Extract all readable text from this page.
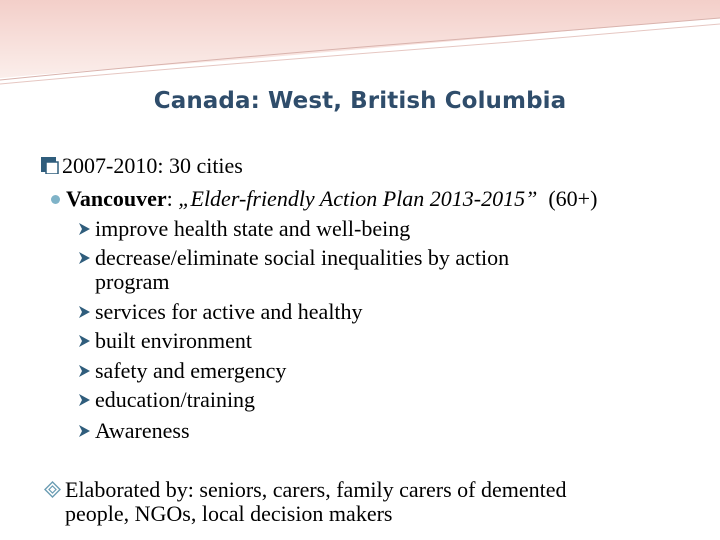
Canada: West, British Columbia
2007-2010: 30 cities
Vancouver: „Elder-friendly Action Plan 2013-2015” (60+)
improve health state and well-being
decrease/eliminate social inequalities by action
program
services for active and healthy
built environment
safety and emergency
education/training
Awareness
Elaborated by: seniors, carers, family carers of demented
people, NGOs, local decision makers
